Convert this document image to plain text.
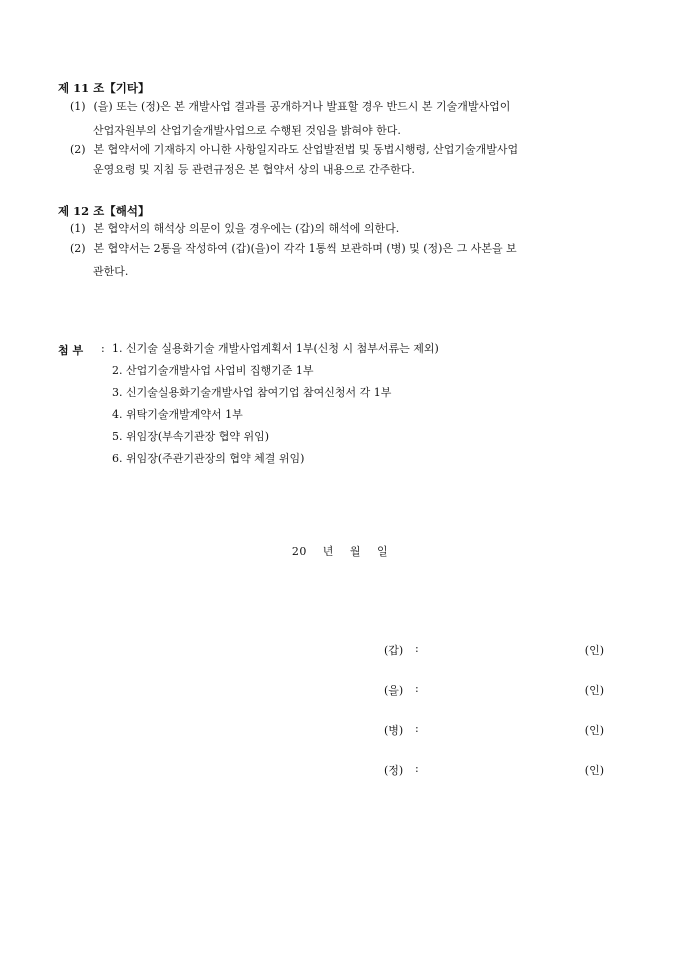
제 11 조【기타】
(1) (을) 또는 (정)은 본 개발사업 결과를 공개하거나 발표할 경우 반드시 본 기술개발사업이
산업자원부의 산업기술개발사업으로 수행된 것임을 밝혀야 한다.
(2) 본 협약서에 기재하지 아니한 사항일지라도 산업발전법 및 동법시행령, 산업기술개발사업
운영요령 및 지침 등 관련규정은 본 협약서 상의 내용으로 간주한다.
제 12 조【해석】
(1) 본 협약서의 해석상 의문이 있을 경우에는 (갑)의 해석에 의한다.
(2) 본 협약서는 2통을 작성하여 (갑)(을)이 각각 1통씩 보관하며 (병) 및 (정)은 그 사본을 보
관한다.
첨 부 : 1. 신기술 실용화기술 개발사업계획서 1부(신청 시 첨부서류는 제외)
2. 산업기술개발사업 사업비 집행기준 1부
3. 신기술실용화기술개발사업 참여기업 참여신청서 각 1부
4. 위탁기술개발계약서 1부
5. 위임장(부속기관장 협약 위임)
6. 위임장(주관기관장의 협약 체결 위임)
20    년    월    일
(갑) :	(인)
(을) :	(인)
(병) :	(인)
(정) :	(인)
